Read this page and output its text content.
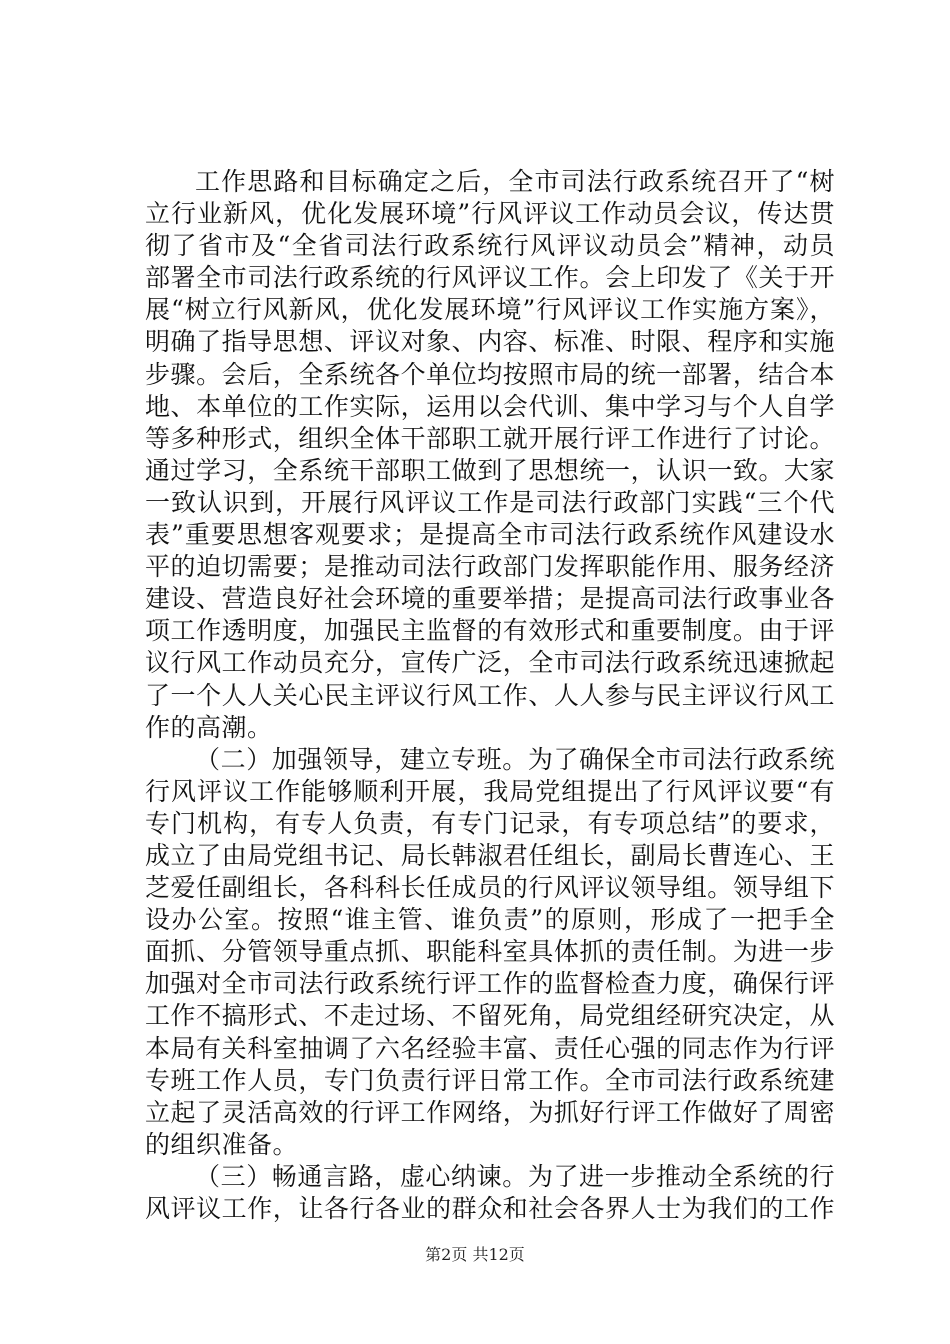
工作思路和目标确定之后，全市司法行政系统召开了“树
立行业新风，优化发展环境”行风评议工作动员会议，传达贯
彻了省市及“全省司法行政系统行风评议动员会”精神，动员
部署全市司法行政系统的行风评议工作。会上印发了《关于开
展“树立行风新风，优化发展环境”行风评议工作实施方案》，
明确了指导思想、评议对象、内容、标准、时限、程序和实施
步骤。会后，全系统各个单位均按照市局的统一部署，结合本
地、本单位的工作实际，运用以会代训、集中学习与个人自学
等多种形式，组织全体干部职工就开展行评工作进行了讨论。
通过学习，全系统干部职工做到了思想统一，认识一致。大家
一致认识到，开展行风评议工作是司法行政部门实践“三个代
表”重要思想客观要求；是提高全市司法行政系统作风建设水
平的迫切需要；是推动司法行政部门发挥职能作用、服务经济
建设、营造良好社会环境的重要举措；是提高司法行政事业各
项工作透明度，加强民主监督的有效形式和重要制度。由于评
议行风工作动员充分，宣传广泛，全市司法行政系统迅速掀起
了一个人人关心民主评议行风工作、人人参与民主评议行风工
作的高潮。
（二）加强领导，建立专班。为了确保全市司法行政系统
行风评议工作能够顺利开展，我局党组提出了行风评议要“有
专门机构，有专人负责，有专门记录，有专项总结”的要求，
成立了由局党组书记、局长韩淑君任组长，副局长曹连心、王
芝爱任副组长，各科科长任成员的行风评议领导组。领导组下
设办公室。按照“谁主管、谁负责”的原则，形成了一把手全
面抓、分管领导重点抓、职能科室具体抓的责任制。为进一步
加强对全市司法行政系统行评工作的监督检查力度，确保行评
工作不搞形式、不走过场、不留死角，局党组经研究决定，从
本局有关科室抽调了六名经验丰富、责任心强的同志作为行评
专班工作人员，专门负责行评日常工作。全市司法行政系统建
立起了灵活高效的行评工作网络，为抓好行评工作做好了周密
的组织准备。
（三）畅通言路，虚心纳谏。为了进一步推动全系统的行
风评议工作，让各行各业的群众和社会各界人士为我们的工作
第2页 共12页
